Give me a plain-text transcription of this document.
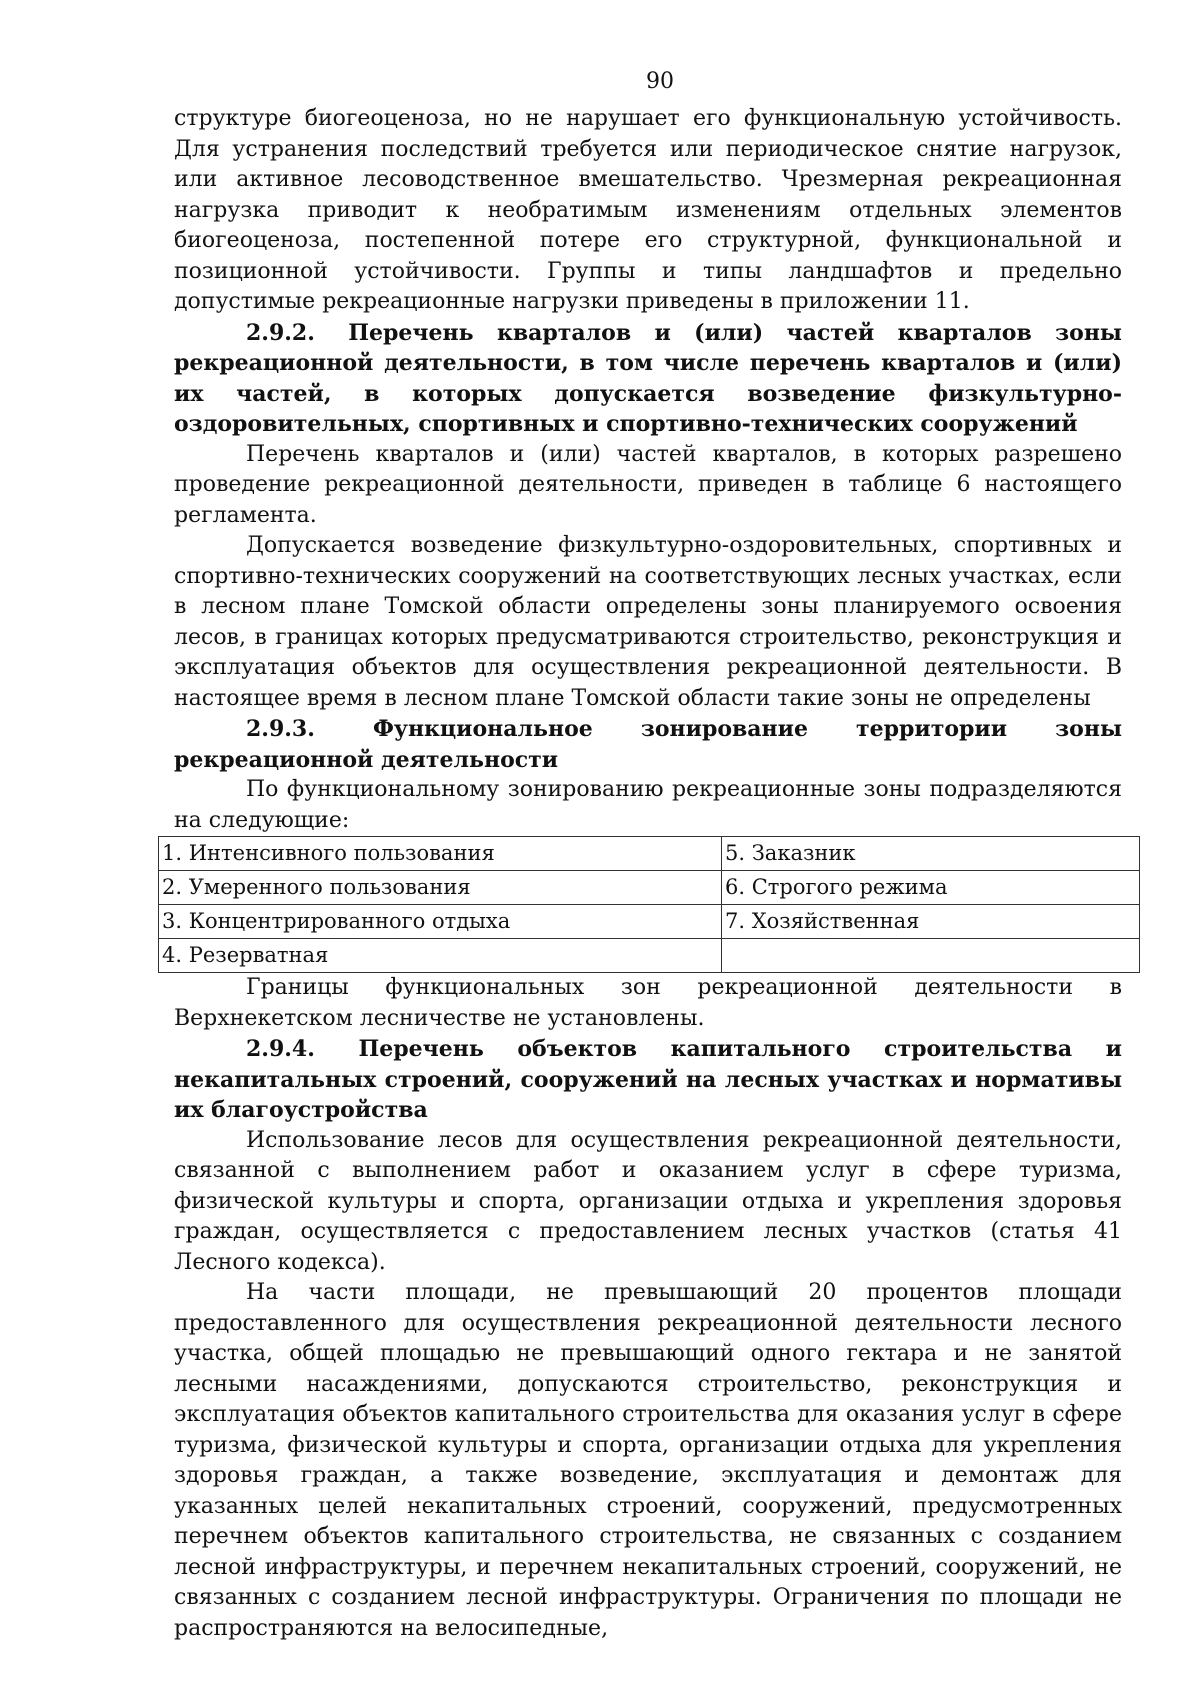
90

структуре биогеоценоза, но не нарушает его функциональную устойчивость. Для устранения последствий требуется или периодическое снятие нагрузок, или активное лесоводственное вмешательство. Чрезмерная рекреационная нагрузка приводит к необратимым изменениям отдельных элементов биогеоценоза, постепенной потере его структурной, функциональной и позиционной устойчивости. Группы и типы ландшафтов и предельно допустимые рекреационные нагрузки приведены в приложении 11.

2.9.2. Перечень кварталов и (или) частей кварталов зоны рекреационной деятельности, в том числе перечень кварталов и (или) их частей, в которых допускается возведение физкультурно-оздоровительных, спортивных и спортивно-технических сооружений

Перечень кварталов и (или) частей кварталов, в которых разрешено проведение рекреационной деятельности, приведен в таблице 6 настоящего регламента.

Допускается возведение физкультурно-оздоровительных, спортивных и спортивно-технических сооружений на соответствующих лесных участках, если в лесном плане Томской области определены зоны планируемого освоения лесов, в границах которых предусматриваются строительство, реконструкция и эксплуатация объектов для осуществления рекреационной деятельности. В настоящее время в лесном плане Томской области такие зоны не определены

2.9.3.	Функциональное зонирование территории зоны рекреационной деятельности

По функциональному зонированию рекреационные зоны подразделяются на следующие:

1. Интенсивного пользования	5. Заказник
2. Умеренного пользования	6. Строгого режима
3. Концентрированного отдыха	7. Хозяйственная
4. Резерватная	

Границы функциональных зон рекреационной деятельности в Верхнекетском лесничестве не установлены.

2.9.4. Перечень объектов капитального строительства и некапитальных строений, сооружений на лесных участках и нормативы их благоустройства

Использование лесов для осуществления рекреационной деятельности, связанной с выполнением работ и оказанием услуг в сфере туризма, физической культуры и спорта, организации отдыха и укрепления здоровья граждан, осуществляется с предоставлением лесных участков (статья 41 Лесного кодекса).

На части площади, не превышающий 20 процентов площади предоставленного для осуществления рекреационной деятельности лесного участка, общей площадью не превышающий одного гектара и не занятой лесными насаждениями, допускаются строительство, реконструкция и эксплуатация объектов капитального строительства для оказания услуг в сфере туризма, физической культуры и спорта, организации отдыха для укрепления здоровья граждан, а также возведение, эксплуатация и демонтаж для указанных целей некапитальных строений, сооружений, предусмотренных перечнем объектов капитального строительства, не связанных с созданием лесной инфраструктуры, и перечнем некапитальных строений, сооружений, не связанных с созданием лесной инфраструктуры. Ограничения по площади не распространяются на велосипедные,
